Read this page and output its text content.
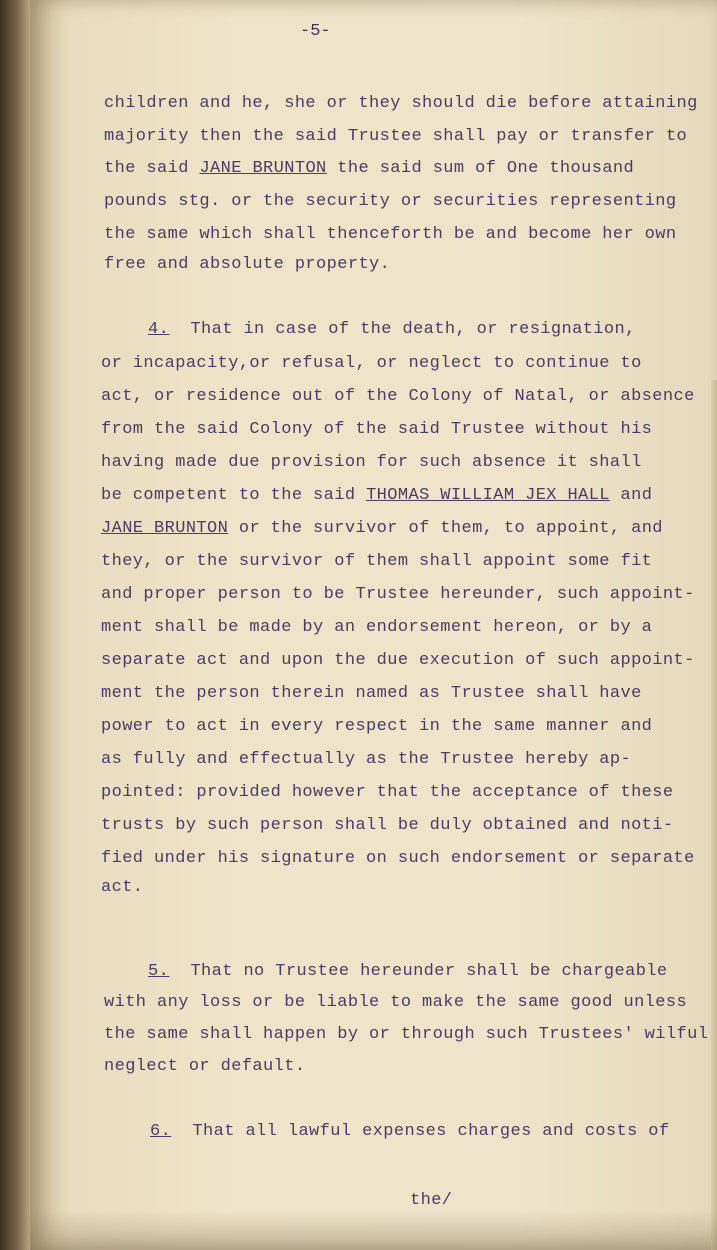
-5-

children and he, she or they should die before attaining

majority then the said Trustee shall pay or transfer to

the said JANE BRUNTON the said sum of One thousand

pounds stg. or the security or securities representing

the same which shall thenceforth be and become her own

free and absolute property.

4. That in case of the death, or resignation,

or incapacity,or refusal, or neglect to continue to

act, or residence out of the Colony of Natal, or absence

from the said Colony of the said Trustee without his

having made due provision for such absence it shall

be competent to the said THOMAS WILLIAM JEX HALL and

JANE BRUNTON or the survivor of them, to appoint, and

they, or the survivor of them shall appoint some fit

and proper person to be Trustee hereunder, such appoint-

ment shall be made by an endorsement hereon, or by a

separate act and upon the due execution of such appoint-

ment the person therein named as Trustee shall have

power to act in every respect in the same manner and

as fully and effectually as the Trustee hereby ap-

pointed: provided however that the acceptance of these

trusts by such person shall be duly obtained and noti-

fied under his signature on such endorsement or separate

act.

5. That no Trustee hereunder shall be chargeable

with any loss or be liable to make the same good unless

the same shall happen by or through such Trustees' wilful

neglect or default.

6. That all lawful expenses charges and costs of

the/
